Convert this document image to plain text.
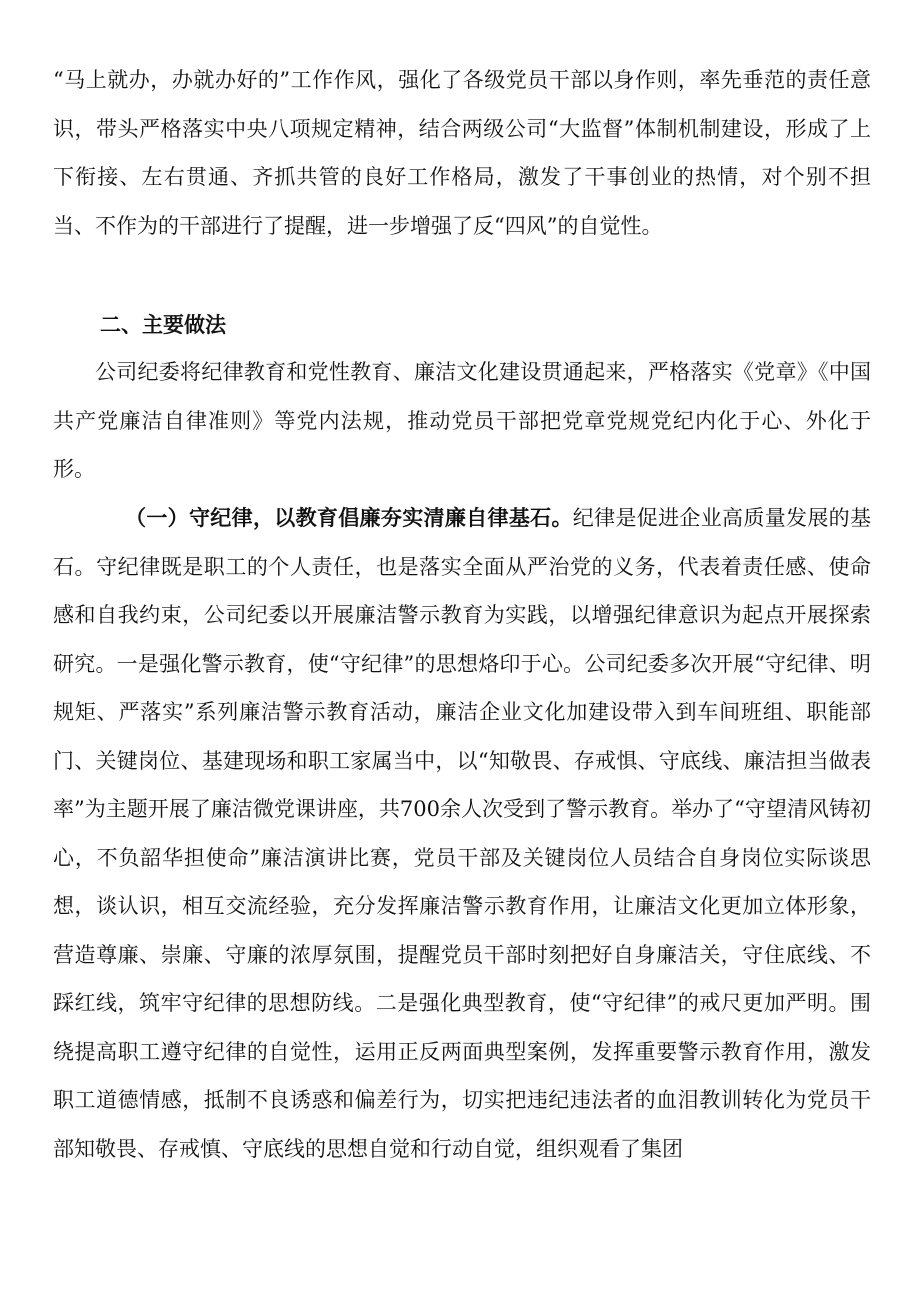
“马上就办，办就办好的”工作作风，强化了各级党员干部以身作则，率先垂范的责任意识，带头严格落实中央八项规定精神，结合两级公司“大监督”体制机制建设，形成了上下衔接、左右贯通、齐抓共管的良好工作格局，激发了干事创业的热情，对个别不担当、不作为的干部进行了提醒，进一步增强了反“四风”的自觉性。

二、主要做法

公司纪委将纪律教育和党性教育、廉洁文化建设贯通起来，严格落实《党章》《中国共产党廉洁自律准则》等党内法规，推动党员干部把党章党规党纪内化于心、外化于形。

（一）守纪律，以教育倡廉夯实清廉自律基石。纪律是促进企业高质量发展的基石。守纪律既是职工的个人责任，也是落实全面从严治党的义务，代表着责任感、使命感和自我约束，公司纪委以开展廉洁警示教育为实践，以增强纪律意识为起点开展探索研究。一是强化警示教育，使“守纪律”的思想烙印于心。公司纪委多次开展“守纪律、明规矩、严落实”系列廉洁警示教育活动，廉洁企业文化加建设带入到车间班组、职能部门、关键岗位、基建现场和职工家属当中，以“知敬畏、存戒惧、守底线、廉洁担当做表率”为主题开展了廉洁微党课讲座，共700余人次受到了警示教育。举办了“守望清风铸初心，不负韶华担使命”廉洁演讲比赛，党员干部及关键岗位人员结合自身岗位实际谈思想，谈认识，相互交流经验，充分发挥廉洁警示教育作用，让廉洁文化更加立体形象，营造尊廉、崇廉、守廉的浓厚氛围，提醒党员干部时刻把好自身廉洁关，守住底线、不踩红线，筑牢守纪律的思想防线。二是强化典型教育，使“守纪律”的戒尺更加严明。围绕提高职工遵守纪律的自觉性，运用正反两面典型案例，发挥重要警示教育作用，激发职工道德情感，抵制不良诱惑和偏差行为，切实把违纪违法者的血泪教训转化为党员干部知敬畏、存戒慎、守底线的思想自觉和行动自觉，组织观看了集团
